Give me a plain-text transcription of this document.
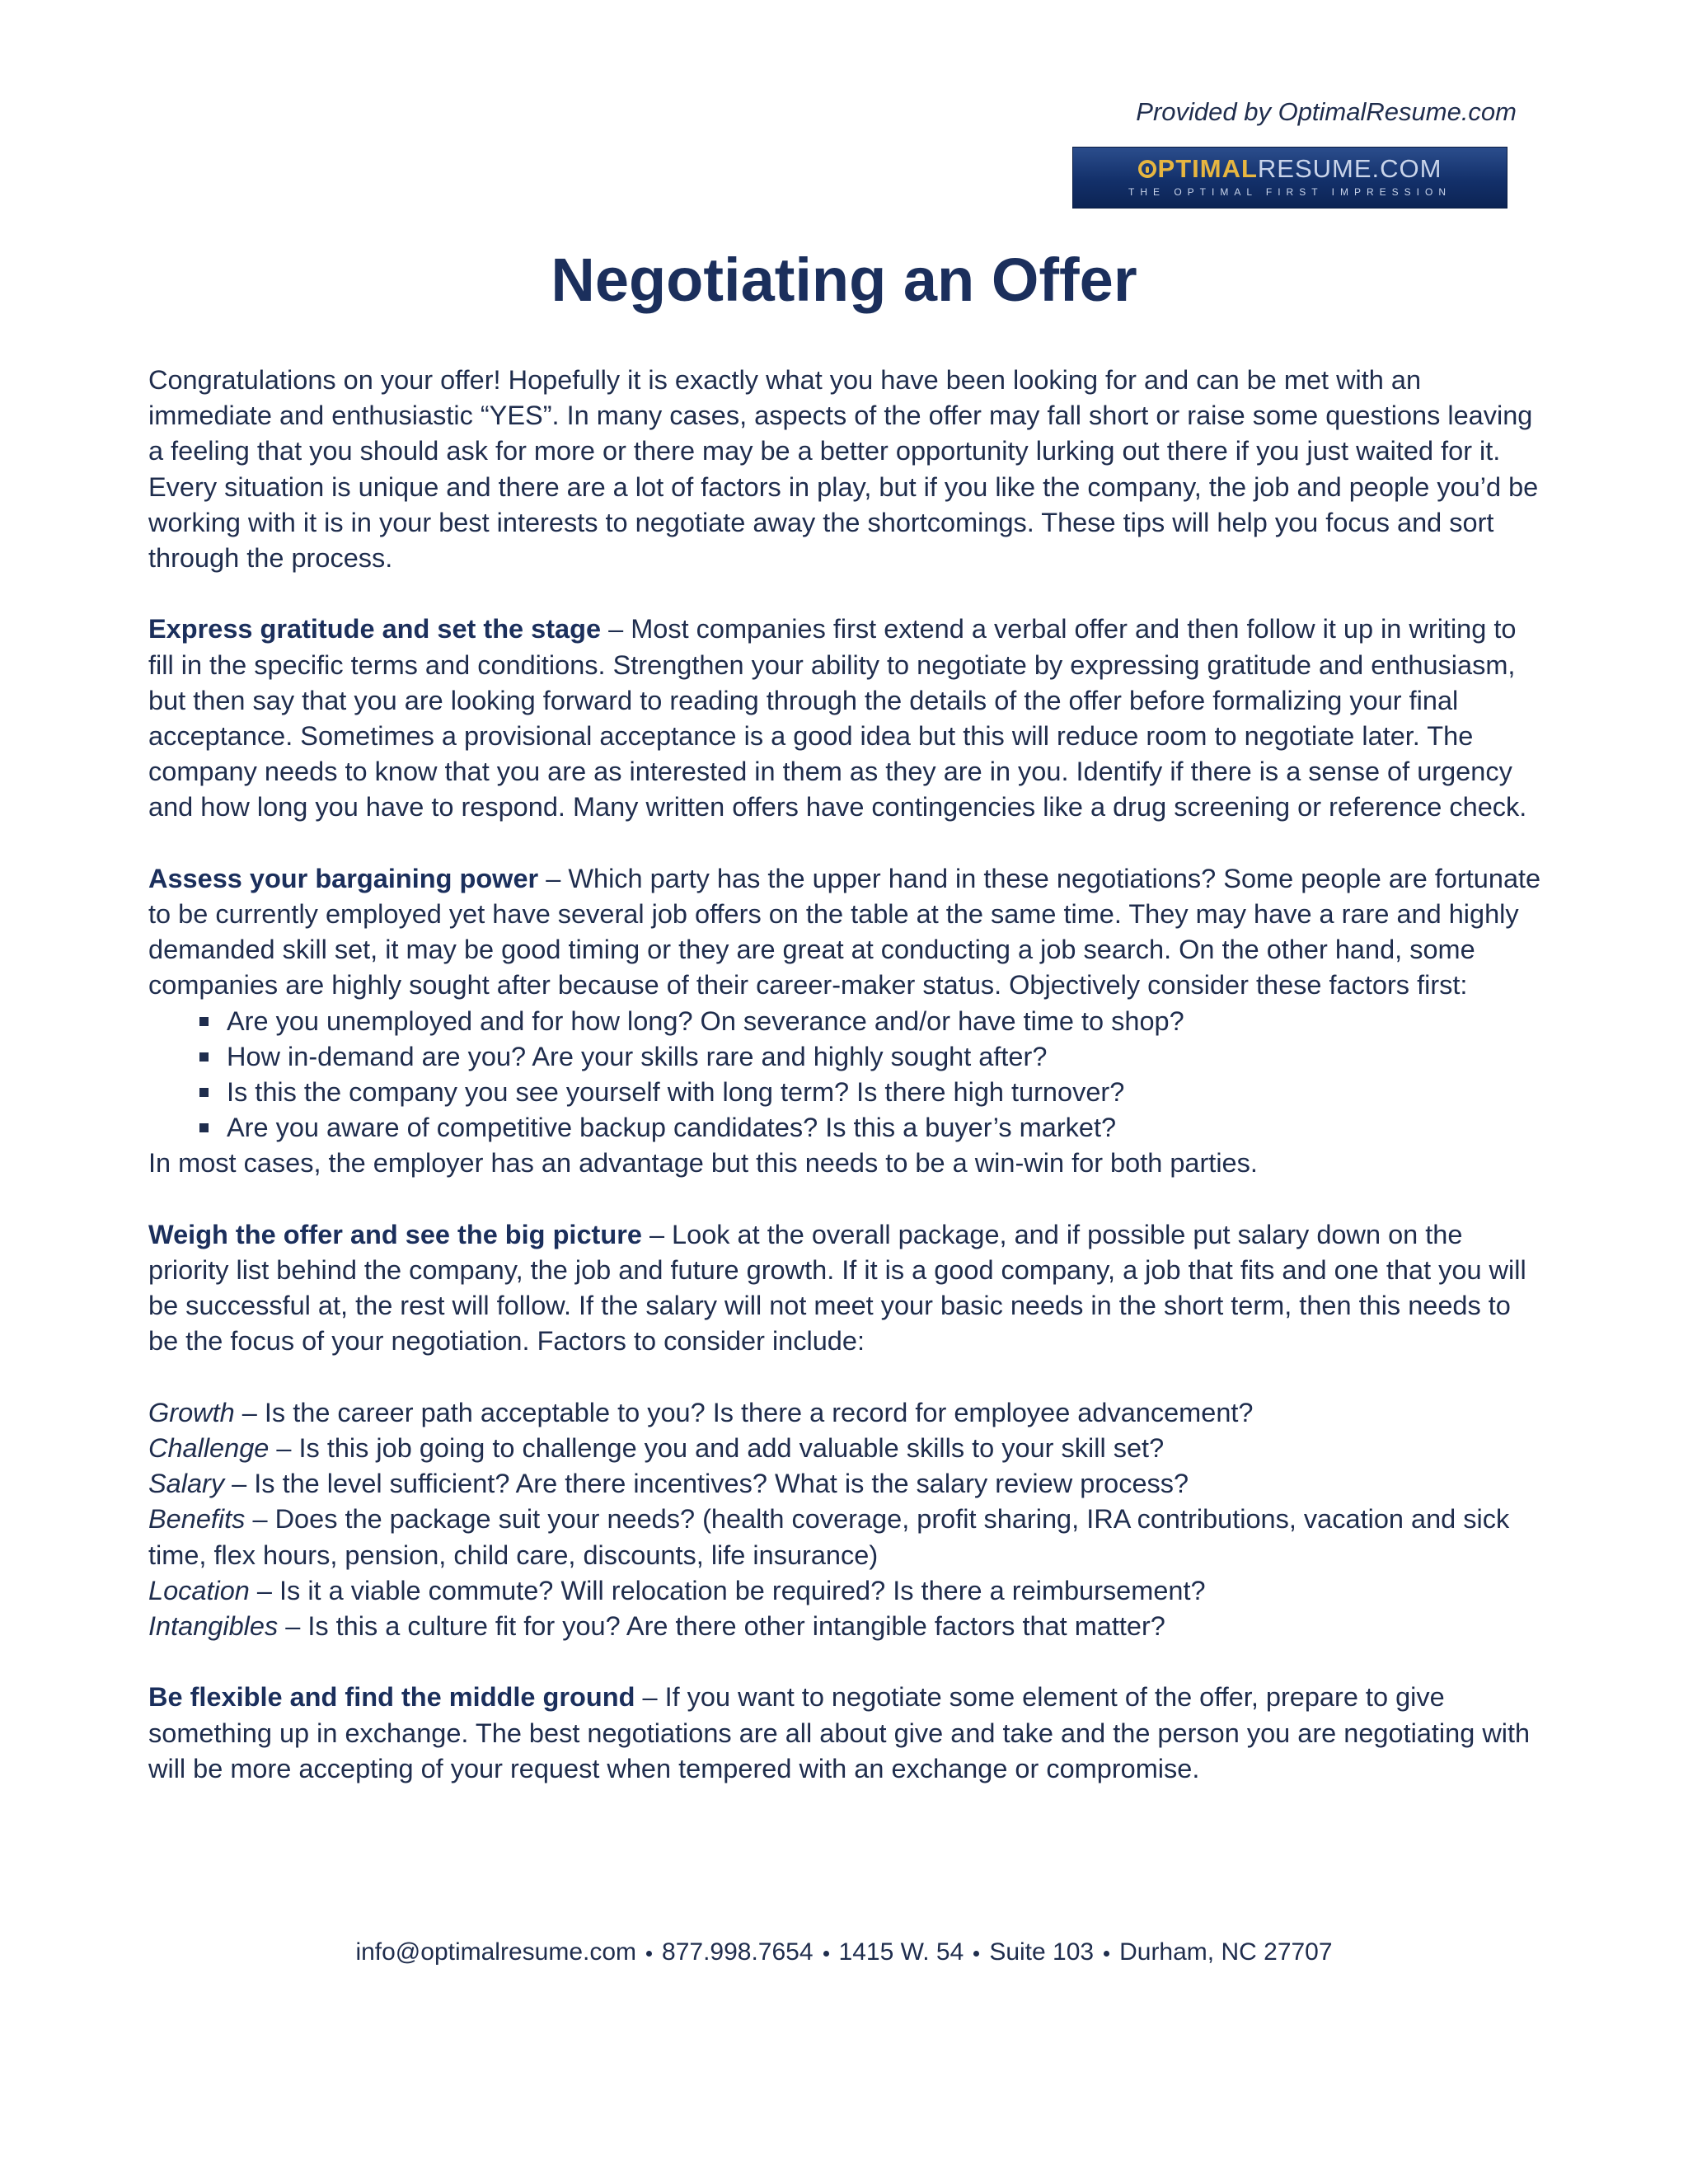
Provided by OptimalResume.com
PTIMALRESUME.COM
THE OPTIMAL FIRST IMPRESSION
Negotiating an Offer

Congratulations on your offer! Hopefully it is exactly what you have been looking for and can be met with an immediate and enthusiastic “YES”. In many cases, aspects of the offer may fall short or raise some questions leaving a feeling that you should ask for more or there may be a better opportunity lurking out there if you just waited for it. Every situation is unique and there are a lot of factors in play, but if you like the company, the job and people you’d be working with it is in your best interests to negotiate away the shortcomings. These tips will help you focus and sort through the process.

Express gratitude and set the stage – Most companies first extend a verbal offer and then follow it up in writing to fill in the specific terms and conditions. Strengthen your ability to negotiate by expressing gratitude and enthusiasm, but then say that you are looking forward to reading through the details of the offer before formalizing your final acceptance. Sometimes a provisional acceptance is a good idea but this will reduce room to negotiate later. The company needs to know that you are as interested in them as they are in you. Identify if there is a sense of urgency and how long you have to respond. Many written offers have contingencies like a drug screening or reference check.

Assess your bargaining power – Which party has the upper hand in these negotiations? Some people are fortunate to be currently employed yet have several job offers on the table at the same time. They may have a rare and highly demanded skill set, it may be good timing or they are great at conducting a job search. On the other hand, some companies are highly sought after because of their career-maker status. Objectively consider these factors first:

Are you unemployed and for how long? On severance and/or have time to shop?
How in-demand are you? Are your skills rare and highly sought after?
Is this the company you see yourself with long term? Is there high turnover?
Are you aware of competitive backup candidates? Is this a buyer’s market?

In most cases, the employer has an advantage but this needs to be a win-win for both parties.

Weigh the offer and see the big picture – Look at the overall package, and if possible put salary down on the priority list behind the company, the job and future growth. If it is a good company, a job that fits and one that you will be successful at, the rest will follow. If the salary will not meet your basic needs in the short term, then this needs to be the focus of your negotiation. Factors to consider include:

Growth – Is the career path acceptable to you? Is there a record for employee advancement?

Challenge – Is this job going to challenge you and add valuable skills to your skill set?

Salary – Is the level sufficient? Are there incentives? What is the salary review process?

Benefits – Does the package suit your needs? (health coverage, profit sharing, IRA contributions, vacation and sick time, flex hours, pension, child care, discounts, life insurance)

Location – Is it a viable commute? Will relocation be required? Is there a reimbursement?

Intangibles – Is this a culture fit for you? Are there other intangible factors that matter?

Be flexible and find the middle ground – If you want to negotiate some element of the offer, prepare to give something up in exchange. The best negotiations are all about give and take and the person you are negotiating with will be more accepting of your request when tempered with an exchange or compromise.

info@optimalresume.com 877.998.7654 1415 W. 54 Suite 103 Durham, NC 27707
